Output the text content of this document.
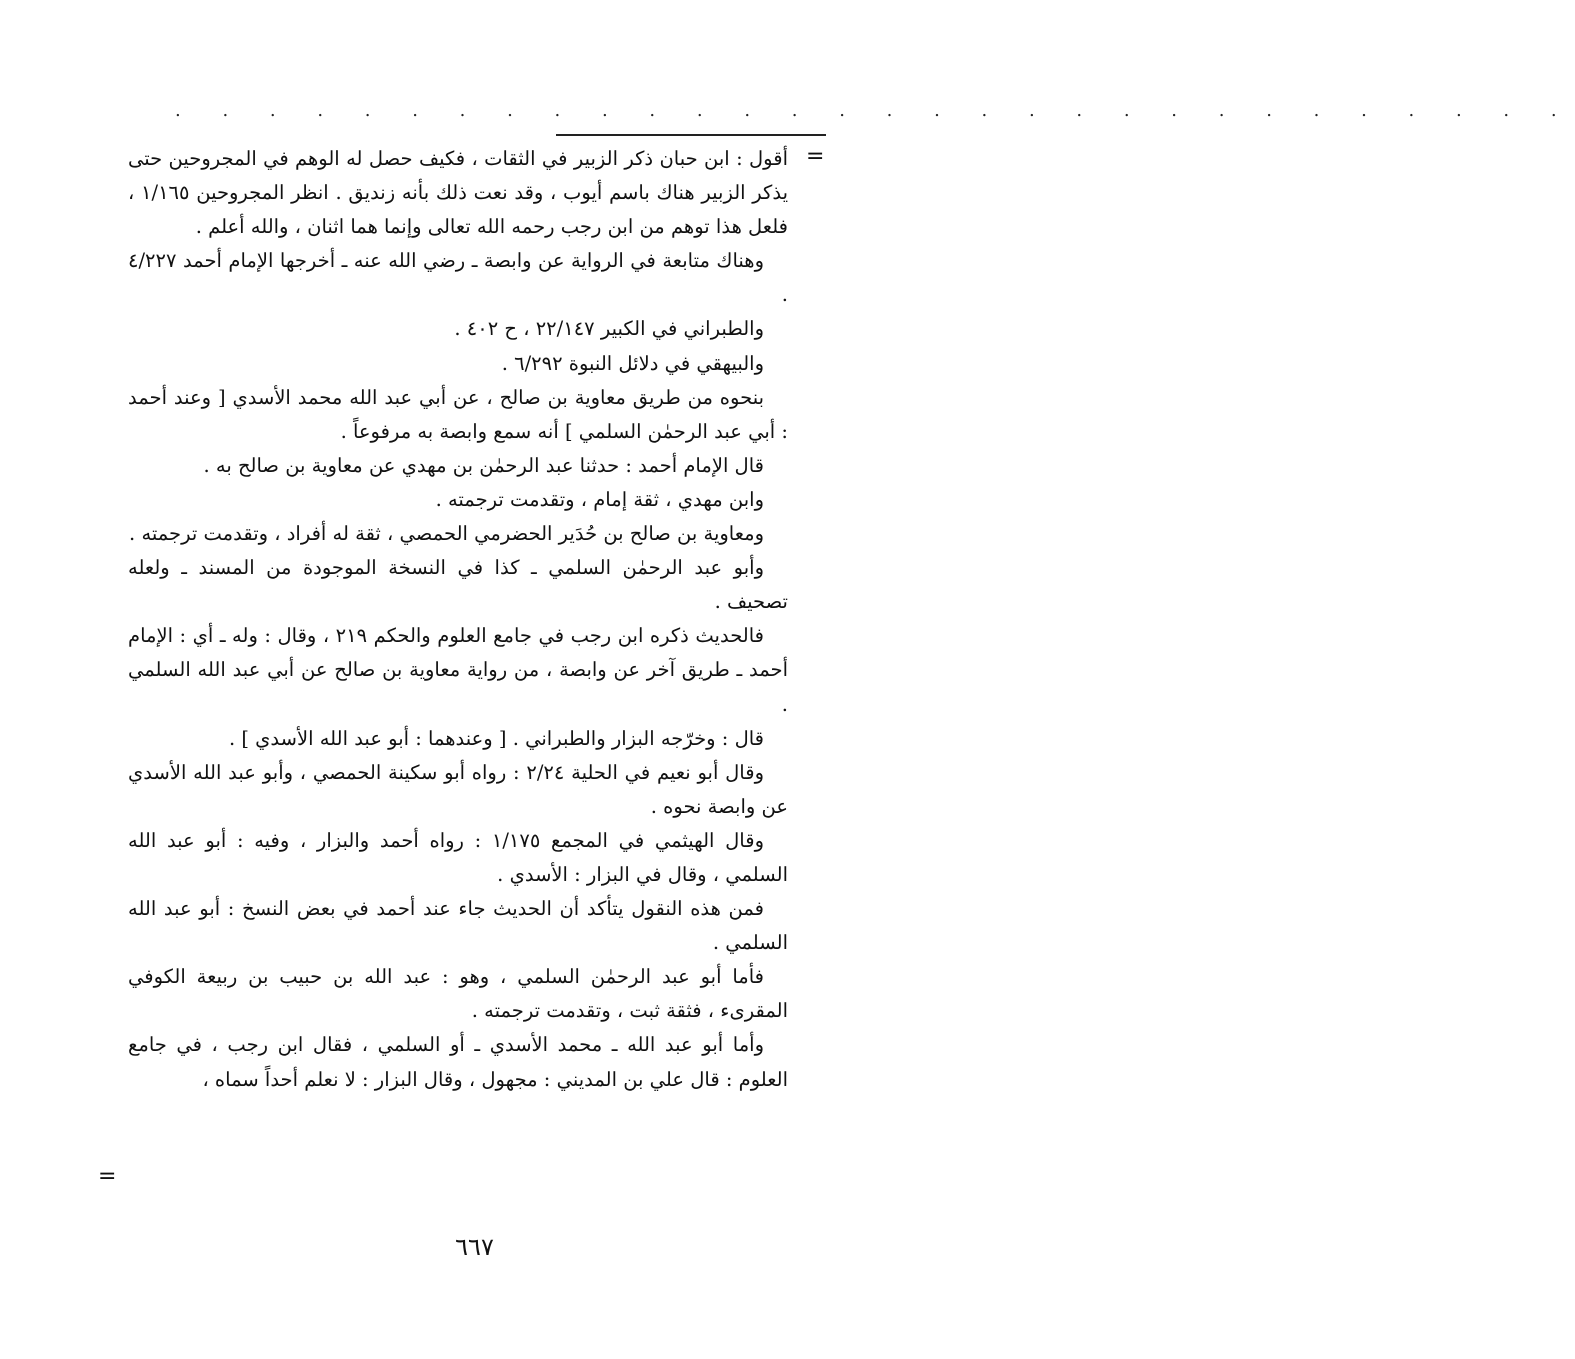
. . . . . . . . . . . . . . . . . . . . . . . . . . . . . .
=

أقول : ابن حبان ذكر الزبير في الثقات ، فكيف حصل له الوهم في المجروحين حتى يذكر الزبير هناك باسم أيوب ، وقد نعت ذلك بأنه زنديق . انظر المجروحين ١/١٦٥ ، فلعل هذا توهم من ابن رجب رحمه الله تعالى وإنما هما اثنان ، والله أعلم .

وهناك متابعة في الرواية عن وابصة ـ رضي الله عنه ـ أخرجها الإمام أحمد ٤/٢٢٧ .

والطبراني في الكبير ٢٢/١٤٧ ، ح ٤٠٢ .

والبيهقي في دلائل النبوة ٦/٢٩٢ .

بنحوه من طريق معاوية بن صالح ، عن أبي عبد الله محمد الأسدي [ وعند أحمد : أبي عبد الرحمٰن السلمي ] أنه سمع وابصة به مرفوعاً .

قال الإمام أحمد : حدثنا عبد الرحمٰن بن مهدي عن معاوية بن صالح به .

وابن مهدي ، ثقة إمام ، وتقدمت ترجمته .

ومعاوية بن صالح بن حُدَير الحضرمي الحمصي ، ثقة له أفراد ، وتقدمت ترجمته .

وأبو عبد الرحمٰن السلمي ـ كذا في النسخة الموجودة من المسند ـ ولعله تصحيف .

فالحديث ذكره ابن رجب في جامع العلوم والحكم ٢١٩ ، وقال : وله ـ أي : الإمام أحمد ـ طريق آخر عن وابصة ، من رواية معاوية بن صالح عن أبي عبد الله السلمي .

قال : وخرّجه البزار والطبراني . [ وعندهما : أبو عبد الله الأسدي ] .

وقال أبو نعيم في الحلية ٢/٢٤ : رواه أبو سكينة الحمصي ، وأبو عبد الله الأسدي عن وابصة نحوه .

وقال الهيثمي في المجمع ١/١٧٥ : رواه أحمد والبزار ، وفيه : أبو عبد الله السلمي ، وقال في البزار : الأسدي .

فمن هذه النقول يتأكد أن الحديث جاء عند أحمد في بعض النسخ : أبو عبد الله السلمي .

فأما أبو عبد الرحمٰن السلمي ، وهو : عبد الله بن حبيب بن ربيعة الكوفي المقرىء ، فثقة ثبت ، وتقدمت ترجمته .

وأما أبو عبد الله ـ محمد الأسدي ـ أو السلمي ، فقال ابن رجب ، في جامع العلوم : قال علي بن المديني : مجهول ، وقال البزار : لا نعلم أحداً سماه ،

=
٦٦٧
